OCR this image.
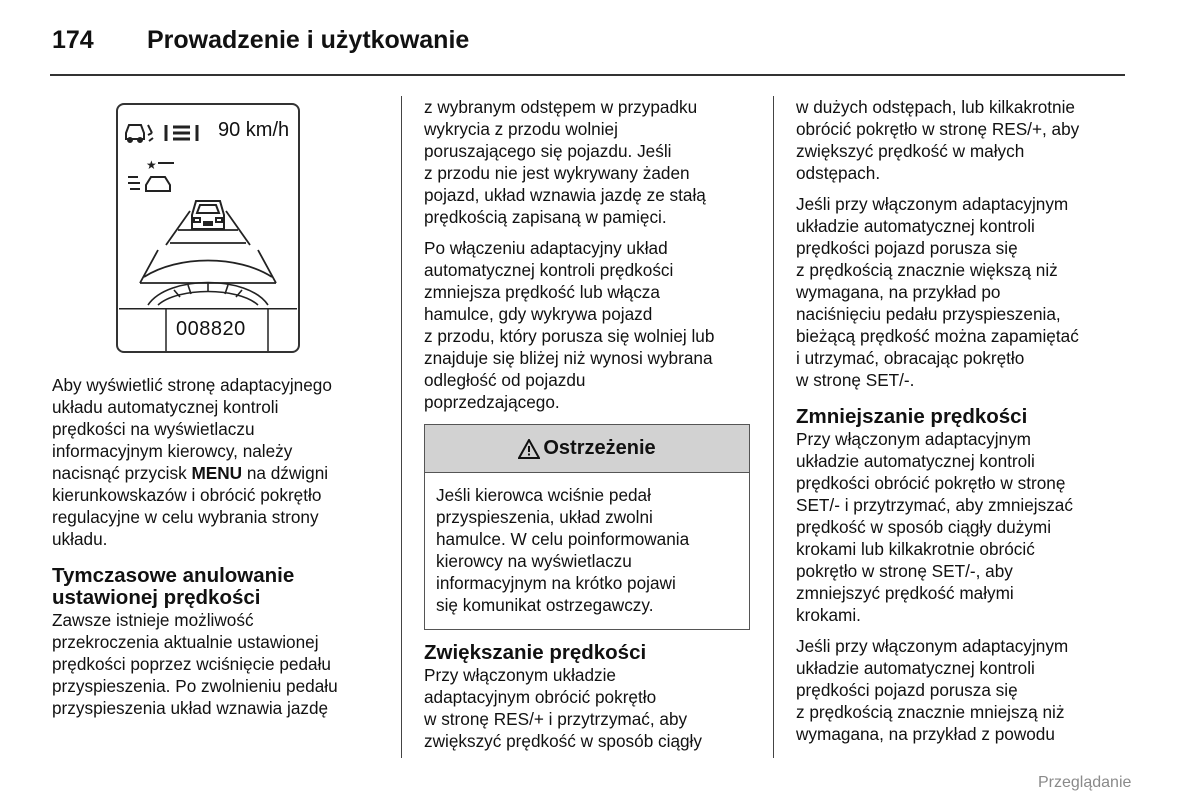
174 Prowadzenie i użytkowanie
★
90 km/h
008820

Aby wyświetlić stronę adaptacyjnego
układu automatycznej kontroli
prędkości na wyświetlaczu
informacyjnym kierowcy, należy
nacisnąć przycisk MENU na dźwigni
kierunkowskazów i obrócić pokrętło
regulacyjne w celu wybrania strony
układu.

Tymczasowe anulowanie
ustawionej prędkości

Zawsze istnieje możliwość
przekroczenia aktualnie ustawionej
prędkości poprzez wciśnięcie pedału
przyspieszenia. Po zwolnieniu pedału
przyspieszenia układ wznawia jazdę

z wybranym odstępem w przypadku
wykrycia z przodu wolniej
poruszającego się pojazdu. Jeśli
z przodu nie jest wykrywany żaden
pojazd, układ wznawia jazdę ze stałą
prędkością zapisaną w pamięci.

Po włączeniu adaptacyjny układ
automatycznej kontroli prędkości
zmniejsza prędkość lub włącza
hamulce, gdy wykrywa pojazd
z przodu, który porusza się wolniej lub
znajduje się bliżej niż wynosi wybrana
odległość od pojazdu
poprzedzającego.

Ostrzeżenie

Jeśli kierowca wciśnie pedał
przyspieszenia, układ zwolni
hamulce. W celu poinformowania
kierowcy na wyświetlaczu
informacyjnym na krótko pojawi
się komunikat ostrzegawczy.

Zwiększanie prędkości

Przy włączonym układzie
adaptacyjnym obrócić pokrętło
w stronę RES/+ i przytrzymać, aby
zwiększyć prędkość w sposób ciągły

w dużych odstępach, lub kilkakrotnie
obrócić pokrętło w stronę RES/+, aby
zwiększyć prędkość w małych
odstępach.

Jeśli przy włączonym adaptacyjnym
układzie automatycznej kontroli
prędkości pojazd porusza się
z prędkością znacznie większą niż
wymagana, na przykład po
naciśnięciu pedału przyspieszenia,
bieżącą prędkość można zapamiętać
i utrzymać, obracając pokrętło
w stronę SET/-.

Zmniejszanie prędkości

Przy włączonym adaptacyjnym
układzie automatycznej kontroli
prędkości obrócić pokrętło w stronę
SET/- i przytrzymać, aby zmniejszać
prędkość w sposób ciągły dużymi
krokami lub kilkakrotnie obrócić
pokrętło w stronę SET/-, aby
zmniejszyć prędkość małymi
krokami.

Jeśli przy włączonym adaptacyjnym
układzie automatycznej kontroli
prędkości pojazd porusza się
z prędkością znacznie mniejszą niż
wymagana, na przykład z powodu

Przeglądanie
